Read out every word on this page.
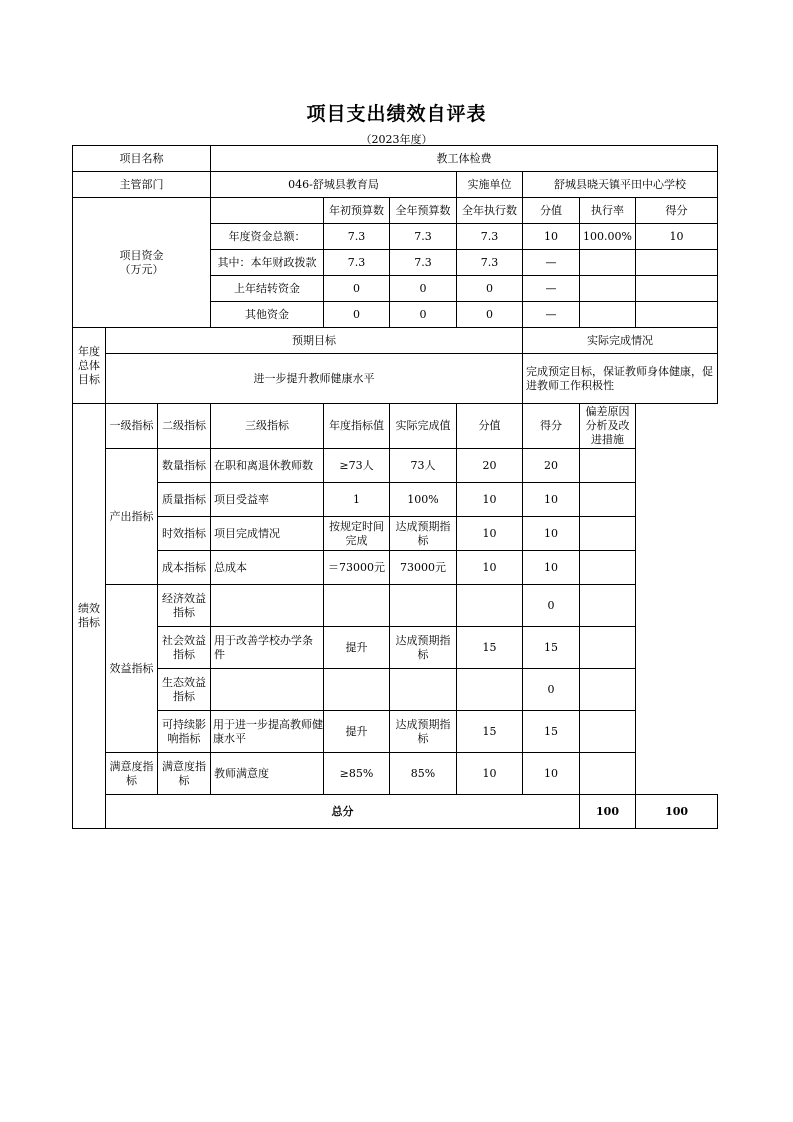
项目支出绩效自评表
（2023年度）
项目名称			教工体检费							
主管部门			046-舒城县教育局			实施单位	舒城县晓天镇平田中心学校			
项目资金
（万元）				年初预算数	全年预算数	全年执行数	分值	执行率	得分	
			年度资金总额：	7.3	7.3	7.3	10	100.00%	10	
			其中：本年财政拨款	7.3	7.3	7.3	—			
			上年结转资金	0	0	0	—			
			其他资金	0	0	0	—			
年度
总体
目标	预期目标						实际完成情况			
	进一步提升教师健康水平						完成预定目标，保证教师身体健康，促进教师工作积极性			
绩效
指标	一级指标	二级指标	三级指标	年度指标值	实际完成值	分值	得分	偏差原因分析及改进措施		
	产出指标	数量指标	在职和离退休教师数	≥73人	73人	20	20			
		质量指标	项目受益率	1	100%	10	10			
		时效指标	项目完成情况	按规定时间完成	达成预期指标	10	10			
		成本指标	总成本	＝73000元	73000元	10	10			
	效益指标	经济效益指标					0			
		社会效益指标	用于改善学校办学条件	提升	达成预期指标	15	15			
		生态效益指标					0			
		可持续影响指标	用于进一步提高教师健康水平	提升	达成预期指标	15	15			
	满意度指
标	满意度指标	教师满意度	≥85%	85%	10	10			
	总分							100	100	
